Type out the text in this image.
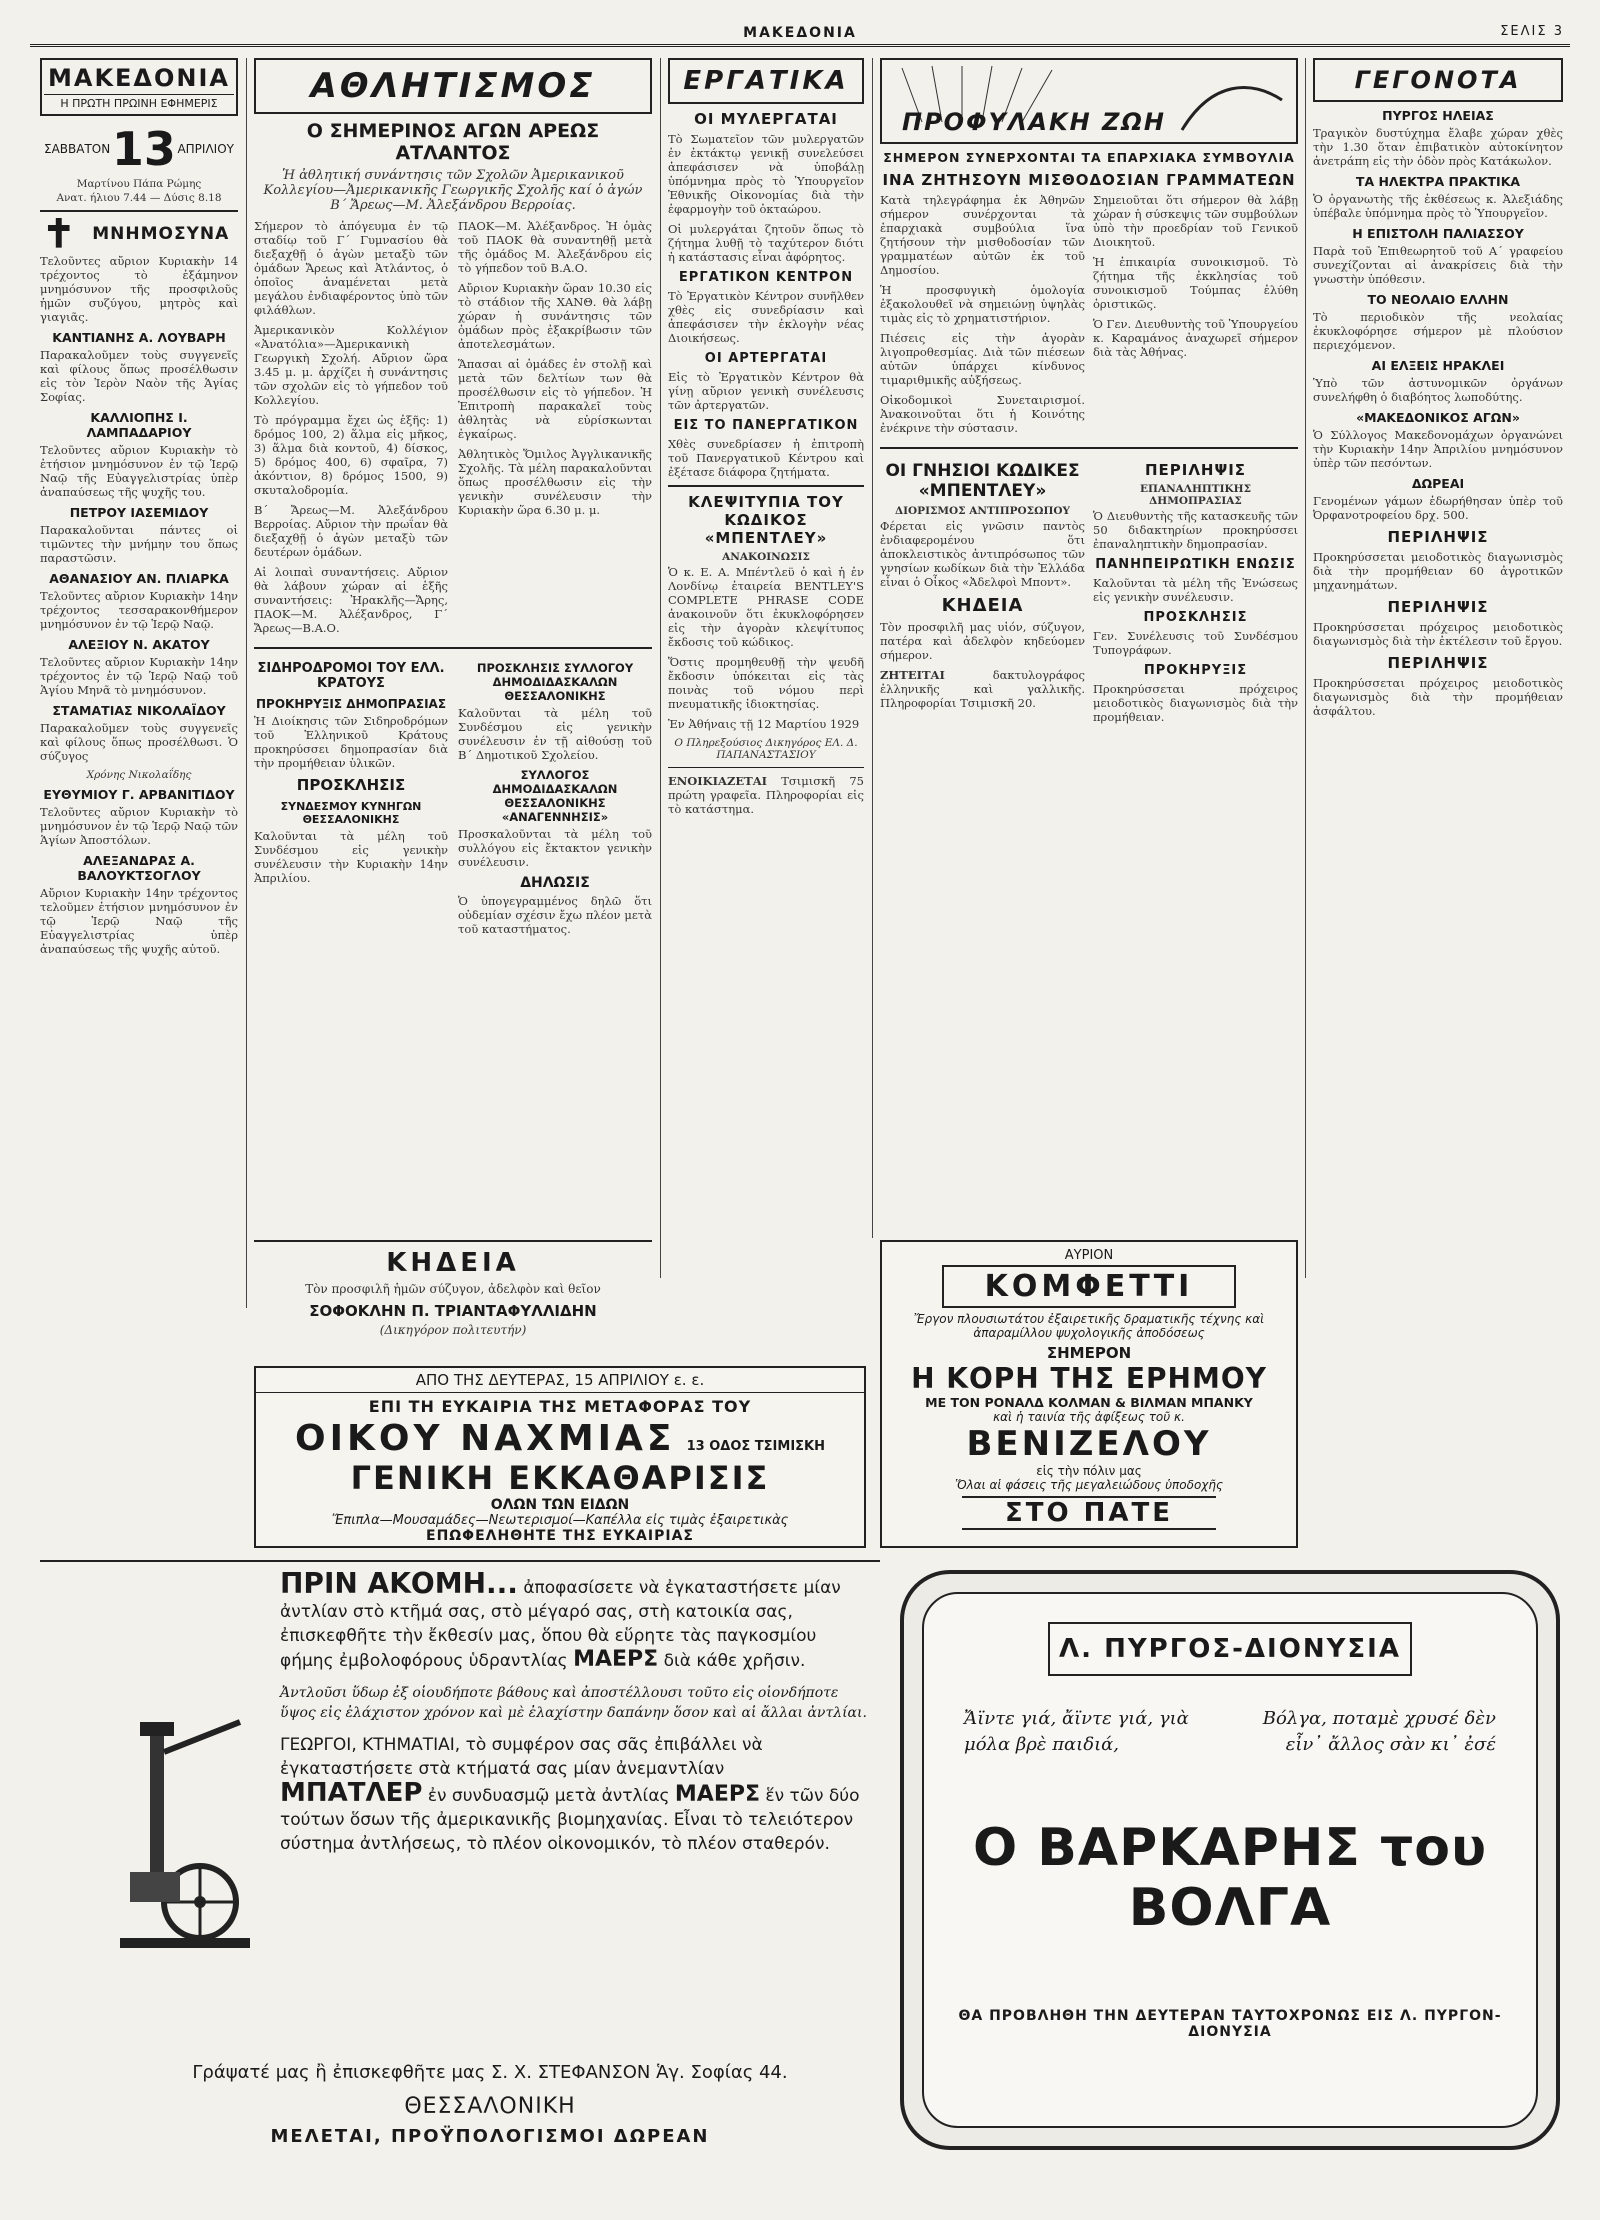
ΜΑΚΕΔΟΝΙΑ	ΣΕΛΙΣ 3
ΜΑΚΕΔΟΝΙΑ
Η ΠΡΩΤΗ ΠΡΩΙΝΗ ΕΦΗΜΕΡΙΣ
ΣΑΒΒΑΤΟΝ 13 ΑΠΡΙΛΙΟΥ
Μαρτίνου Πάπα Ρώμης
Ανατ. ήλιου 7.44 — Δύσις 8.18
✝ ΜΝΗΜΟΣΥΝΑ

Τελοῦντες αὔριον Κυριακὴν 14 τρέχοντος τὸ ἐξάμηνον μνημόσυνον τῆς προσφιλοῦς ἡμῶν συζύγου, μητρὸς καὶ γιαγιᾶς.

ΚΑΝΤΙΑΝΗΣ Α. ΛΟΥΒΑΡΗ

Παρακαλοῦμεν τοὺς συγγενεῖς καὶ φίλους ὅπως προσέλθωσιν εἰς τὸν Ἱερὸν Ναὸν τῆς Ἁγίας Σοφίας.

ΚΑΛΛΙΟΠΗΣ Ι. ΛΑΜΠΑΔΑΡΙΟΥ

Τελοῦντες αὔριον Κυριακὴν τὸ ἐτήσιον μνημόσυνον ἐν τῷ Ἱερῷ Ναῷ τῆς Εὐαγγελιστρίας ὑπὲρ ἀναπαύσεως τῆς ψυχῆς του.

ΠΕΤΡΟΥ ΙΑΣΕΜΙΔΟΥ

Παρακαλοῦνται πάντες οἱ τιμῶντες τὴν μνήμην του ὅπως παραστῶσιν.

ΑΘΑΝΑΣΙΟΥ ΑΝ. ΠΛΙΑΡΚΑ

Τελοῦντες αὔριον Κυριακὴν 14ην τρέχοντος τεσσαρακονθήμερον μνημόσυνον ἐν τῷ Ἱερῷ Ναῷ.

ΑΛΕΞΙΟΥ Ν. ΑΚΑΤΟΥ

Τελοῦντες αὔριον Κυριακὴν 14ην τρέχοντος ἐν τῷ Ἱερῷ Ναῷ τοῦ Ἁγίου Μηνᾶ τὸ μνημόσυνον.

ΣΤΑΜΑΤΙΑΣ ΝΙΚΟΛΑΪΔΟΥ

Παρακαλοῦμεν τοὺς συγγενεῖς καὶ φίλους ὅπως προσέλθωσι. Ὁ σύζυγος

Χρόνης Νικολαΐδης
ΕΥΘΥΜΙΟΥ Γ. ΑΡΒΑΝΙΤΙΔΟΥ

Τελοῦντες αὔριον Κυριακὴν τὸ μνημόσυνον ἐν τῷ Ἱερῷ Ναῷ τῶν Ἁγίων Ἀποστόλων.

ΑΛΕΞΑΝΔΡΑΣ Α. ΒΑΛΟΥΚΤΣΟΓΛΟΥ

Αὔριον Κυριακὴν 14ην τρέχοντος τελοῦμεν ἐτήσιον μνημόσυνον ἐν τῷ Ἱερῷ Ναῷ τῆς Εὐαγγελιστρίας ὑπὲρ ἀναπαύσεως τῆς ψυχῆς αὐτοῦ.

ΑΘΛΗΤΙΣΜΟΣ
Ο ΣΗΜΕΡΙΝΟΣ ΑΓΩΝ ΑΡΕΩΣ ΑΤΛΑΝΤΟΣ
Ἡ ἀθλητική συνάντησις τῶν Σχολῶν Ἀμερικανικοῦ Κολλεγίου—Ἀμερικανικῆς Γεωργικῆς Σχολῆς καί ὁ ἀγών Β΄ Ἄρεως—Μ. Ἀλεξάνδρου Βερροίας.

Σήμερον τὸ ἀπόγευμα ἐν τῷ σταδίῳ τοῦ Γ΄ Γυμνασίου θὰ διεξαχθῇ ὁ ἀγὼν μεταξὺ τῶν ὁμάδων Ἄρεως καὶ Ἀτλάντος, ὁ ὁποῖος ἀναμένεται μετὰ μεγάλου ἐνδιαφέροντος ὑπὸ τῶν φιλάθλων.

Ἀμερικανικὸν Κολλέγιον «Ἀνατόλια»—Ἀμερικανικὴ Γεωργικὴ Σχολή. Αὔριον ὥρα 3.45 μ. μ. ἀρχίζει ἡ συνάντησις τῶν σχολῶν εἰς τὸ γήπεδον τοῦ Κολλεγίου.

Τὸ πρόγραμμα ἔχει ὡς ἑξῆς: 1) δρόμος 100, 2) ἅλμα εἰς μῆκος, 3) ἅλμα διὰ κοντοῦ, 4) δίσκος, 5) δρόμος 400, 6) σφαῖρα, 7) ἀκόντιον, 8) δρόμος 1500, 9) σκυταλοδρομία.

Β΄ Ἄρεως—Μ. Ἀλεξάνδρου Βερροίας. Αὔριον τὴν πρωΐαν θὰ διεξαχθῇ ὁ ἀγὼν μεταξὺ τῶν δευτέρων ὁμάδων.

Αἱ λοιπαὶ συναντήσεις. Αὔριον θὰ λάβουν χώραν αἱ ἑξῆς συναντήσεις: Ἠρακλῆς—Ἄρης, ΠΑΟΚ—Μ. Ἀλέξανδρος, Γ΄ Ἄρεως—Β.Α.Ο.

ΠΑΟΚ—Μ. Ἀλέξανδρος. Ἡ ὁμὰς τοῦ ΠΑΟΚ θὰ συναντηθῇ μετὰ τῆς ὁμάδος Μ. Ἀλεξάνδρου εἰς τὸ γήπεδον τοῦ Β.Α.Ο.

Αὔριον Κυριακὴν ὥραν 10.30 εἰς τὸ στάδιον τῆς ΧΑΝΘ. θὰ λάβῃ χώραν ἡ συνάντησις τῶν ὁμάδων πρὸς ἐξακρίβωσιν τῶν ἀποτελεσμάτων.

Ἅπασαι αἱ ὁμάδες ἐν στολῇ καὶ μετὰ τῶν δελτίων των θὰ προσέλθωσιν εἰς τὸ γήπεδον. Ἡ Ἐπιτροπὴ παρακαλεῖ τοὺς ἀθλητὰς νὰ εὑρίσκωνται ἐγκαίρως.

Ἀθλητικὸς Ὅμιλος Ἀγγλικανικῆς Σχολῆς. Τὰ μέλη παρακαλοῦνται ὅπως προσέλθωσιν εἰς τὴν γενικὴν συνέλευσιν τὴν Κυριακὴν ὥρα 6.30 μ. μ.

ΣΙΔΗΡΟΔΡΟΜΟΙ ΤΟΥ ΕΛΛ. ΚΡΑΤΟΥΣ
ΠΡΟΚΗΡΥΞΙΣ ΔΗΜΟΠΡΑΣΙΑΣ

Ἡ Διοίκησις τῶν Σιδηροδρόμων τοῦ Ἑλληνικοῦ Κράτους προκηρύσσει δημοπρασίαν διὰ τὴν προμήθειαν ὑλικῶν.

ΠΡΟΣΚΛΗΣΙΣ
ΣΥΝΔΕΣΜΟΥ ΚΥΝΗΓΩΝ ΘΕΣΣΑΛΟΝΙΚΗΣ

Καλοῦνται τὰ μέλη τοῦ Συνδέσμου εἰς γενικὴν συνέλευσιν τὴν Κυριακὴν 14ην Ἀπριλίου.

ΠΡΟΣΚΛΗΣΙΣ ΣΥΛΛΟΓΟΥ ΔΗΜΟΔΙΔΑΣΚΑΛΩΝ ΘΕΣΣΑΛΟΝΙΚΗΣ

Καλοῦνται τὰ μέλη τοῦ Συνδέσμου εἰς γενικὴν συνέλευσιν ἐν τῇ αἰθούσῃ τοῦ Β΄ Δημοτικοῦ Σχολείου.

ΣΥΛΛΟΓΟΣ ΔΗΜΟΔΙΔΑΣΚΑΛΩΝ ΘΕΣΣΑΛΟΝΙΚΗΣ «ΑΝΑΓΕΝΝΗΣΙΣ»

Προσκαλοῦνται τὰ μέλη τοῦ συλλόγου εἰς ἔκτακτον γενικὴν συνέλευσιν.

ΔΗΛΩΣΙΣ

Ὁ ὑπογεγραμμένος δηλῶ ὅτι οὐδεμίαν σχέσιν ἔχω πλέον μετὰ τοῦ καταστήματος.

ΕΡΓΑΤΙΚΑ
ΟΙ ΜΥΛΕΡΓΑΤΑΙ

Τὸ Σωματεῖον τῶν μυλεργατῶν ἐν ἐκτάκτῳ γενικῇ συνελεύσει ἀπεφάσισεν νὰ ὑποβάλῃ ὑπόμνημα πρὸς τὸ Ὑπουργεῖον Ἐθνικῆς Οἰκονομίας διὰ τὴν ἐφαρμογὴν τοῦ ὀκταώρου.

Οἱ μυλεργάται ζητοῦν ὅπως τὸ ζήτημα λυθῇ τὸ ταχύτερον διότι ἡ κατάστασις εἶναι ἀφόρητος.

ΕΡΓΑΤΙΚΟΝ ΚΕΝΤΡΟΝ

Τὸ Ἐργατικὸν Κέντρον συνῆλθεν χθὲς εἰς συνεδρίασιν καὶ ἀπεφάσισεν τὴν ἐκλογὴν νέας Διοικήσεως.

ΟΙ ΑΡΤΕΡΓΑΤΑΙ

Εἰς τὸ Ἐργατικὸν Κέντρον θὰ γίνῃ αὔριον γενικὴ συνέλευσις τῶν ἀρτεργατῶν.

ΕΙΣ ΤΟ ΠΑΝΕΡΓΑΤΙΚΟΝ

Χθὲς συνεδρίασεν ἡ ἐπιτροπὴ τοῦ Πανεργατικοῦ Κέντρου καὶ ἐξέτασε διάφορα ζητήματα.

ΚΛΕΨΙΤΥΠΙΑ ΤΟΥ ΚΩΔΙΚΟΣ «ΜΠΕΝΤΛΕΥ»
ΑΝΑΚΟΙΝΩΣΙΣ

Ὁ κ. Ε. Α. Μπέντλεϋ ὁ καὶ ἡ ἐν Λονδίνῳ ἑταιρεία BENTLEY'S COMPLETE PHRASE CODE ἀνακοινοῦν ὅτι ἐκυκλοφόρησεν εἰς τὴν ἀγορὰν κλεψίτυπος ἔκδοσις τοῦ κώδικος.

Ὅστις προμηθευθῇ τὴν ψευδῆ ἔκδοσιν ὑπόκειται εἰς τὰς ποινὰς τοῦ νόμου περὶ πνευματικῆς ἰδιοκτησίας.

Ἐν Ἀθήναις τῇ 12 Μαρτίου 1929

Ο Πληρεξούσιος Δικηγόρος ΕΛ. Δ. ΠΑΠΑΝΑΣΤΑΣΙΟΥ

ΕΝΟΙΚΙΑΖΕΤΑΙ Τσιμισκῆ 75 πρώτη γραφεῖα. Πληροφορίαι εἰς τὸ κατάστημα.

ΠΡΟΦΥΛΑΚΗ ΖΩΗ
ΣΗΜΕΡΟΝ ΣΥΝΕΡΧΟΝΤΑΙ ΤΑ ΕΠΑΡΧΙΑΚΑ ΣΥΜΒΟΥΛΙΑ
ΙΝΑ ΖΗΤΗΣΟΥΝ ΜΙΣΘΟΔΟΣΙΑΝ ΓΡΑΜΜΑΤΕΩΝ

Κατὰ τηλεγράφημα ἐκ Ἀθηνῶν σήμερον συνέρχονται τὰ ἐπαρχιακὰ συμβούλια ἵνα ζητήσουν τὴν μισθοδοσίαν τῶν γραμματέων αὐτῶν ἐκ τοῦ Δημοσίου.

Ἡ προσφυγικὴ ὁμολογία ἐξακολουθεῖ νὰ σημειώνῃ ὑψηλὰς τιμὰς εἰς τὸ χρηματιστήριον.

Πιέσεις εἰς τὴν ἀγορὰν λιγοπροθεσμίας. Διὰ τῶν πιέσεων αὐτῶν ὑπάρχει κίνδυνος τιμαριθμικῆς αὐξήσεως.

Οἰκοδομικοὶ Συνεταιρισμοί. Ἀνακοινοῦται ὅτι ἡ Κοινότης ἐνέκρινε τὴν σύστασιν.

Σημειοῦται ὅτι σήμερον θὰ λάβῃ χώραν ἡ σύσκεψις τῶν συμβούλων ὑπὸ τὴν προεδρίαν τοῦ Γενικοῦ Διοικητοῦ.

Ἡ ἐπικαιρία συνοικισμοῦ. Τὸ ζήτημα τῆς ἐκκλησίας τοῦ συνοικισμοῦ Τούμπας ἐλύθη ὁριστικῶς.

Ὁ Γεν. Διευθυντὴς τοῦ Ὑπουργείου κ. Καραμάνος ἀναχωρεῖ σήμερον διὰ τὰς Ἀθήνας.

ΟΙ ΓΝΗΣΙΟΙ ΚΩΔΙΚΕΣ «ΜΠΕΝΤΛΕΥ»
ΔΙΟΡΙΣΜΟΣ ΑΝΤΙΠΡΟΣΩΠΟΥ

Φέρεται εἰς γνῶσιν παντὸς ἐνδιαφερομένου ὅτι ἀποκλειστικὸς ἀντιπρόσωπος τῶν γνησίων κωδίκων διὰ τὴν Ἑλλάδα εἶναι ὁ Οἶκος «Ἀδελφοὶ Μποντ».

ΚΗΔΕΙΑ

Τὸν προσφιλῆ μας υἱόν, σύζυγον, πατέρα καὶ ἀδελφὸν κηδεύομεν σήμερον.

ΖΗΤΕΙΤΑΙ δακτυλογράφος ἐλληνικῆς καὶ γαλλικῆς. Πληροφορίαι Τσιμισκῆ 20.

ΠΕΡΙΛΗΨΙΣ
ΕΠΑΝΑΛΗΠΤΙΚΗΣ ΔΗΜΟΠΡΑΣΙΑΣ

Ὁ Διευθυντὴς τῆς κατασκευῆς τῶν 50 διδακτηρίων προκηρύσσει ἐπαναληπτικὴν δημοπρασίαν.

ΠΑΝΗΠΕΙΡΩΤΙΚΗ ΕΝΩΣΙΣ

Καλοῦνται τὰ μέλη τῆς Ἑνώσεως εἰς γενικὴν συνέλευσιν.

ΠΡΟΣΚΛΗΣΙΣ

Γεν. Συνέλευσις τοῦ Συνδέσμου Τυπογράφων.

ΠΡΟΚΗΡΥΞΙΣ

Προκηρύσσεται πρόχειρος μειοδοτικὸς διαγωνισμὸς διὰ τὴν προμήθειαν.

ΓΕΓΟΝΟΤΑ
ΠΥΡΓΟΣ ΗΛΕΙΑΣ

Τραγικὸν δυστύχημα ἔλαβε χώραν χθὲς τὴν 1.30 ὅταν ἐπιβατικὸν αὐτοκίνητον ἀνετράπη εἰς τὴν ὁδὸν πρὸς Κατάκωλον.

ΤΑ ΗΛΕΚΤΡΑ ΠΡΑΚΤΙΚΑ

Ὁ ὁργανωτὴς τῆς ἐκθέσεως κ. Ἀλεξιάδης ὑπέβαλε ὑπόμνημα πρὸς τὸ Ὑπουργεῖον.

Η ΕΠΙΣΤΟΛΗ ΠΑΛΙΑΣΣΟΥ

Παρὰ τοῦ Ἐπιθεωρητοῦ τοῦ Α΄ γραφείου συνεχίζονται αἱ ἀνακρίσεις διὰ τὴν γνωστὴν ὑπόθεσιν.

ΤΟ ΝΕΟΛΑΙΟ ΕΛΛΗΝ

Τὸ περιοδικὸν τῆς νεολαίας ἐκυκλοφόρησε σήμερον μὲ πλούσιον περιεχόμενον.

ΑΙ ΕΛΞΕΙΣ ΗΡΑΚΛΕΙ

Ὑπὸ τῶν ἀστυνομικῶν ὀργάνων συνελήφθη ὁ διαβόητος λωποδύτης.

«ΜΑΚΕΔΟΝΙΚΟΣ ΑΓΩΝ»

Ὁ Σύλλογος Μακεδονομάχων ὀργανώνει τὴν Κυριακὴν 14ην Ἀπριλίου μνημόσυνον ὑπὲρ τῶν πεσόντων.

ΔΩΡΕΑΙ

Γενομένων γάμων ἐδωρήθησαν ὑπὲρ τοῦ Ὀρφανοτροφείου δρχ. 500.

ΠΕΡΙΛΗΨΙΣ

Προκηρύσσεται μειοδοτικὸς διαγωνισμὸς διὰ τὴν προμήθειαν 60 ἀγροτικῶν μηχανημάτων.

ΠΕΡΙΛΗΨΙΣ

Προκηρύσσεται πρόχειρος μειοδοτικὸς διαγωνισμὸς διὰ τὴν ἐκτέλεσιν τοῦ ἔργου.

ΠΕΡΙΛΗΨΙΣ

Προκηρύσσεται πρόχειρος μειοδοτικὸς διαγωνισμὸς διὰ τὴν προμήθειαν ἀσφάλτου.

ΚΗΔΕΙΑ
Τὸν προσφιλῆ ἡμῶν σύζυγον, ἀδελφὸν καὶ θεῖον
ΣΟΦΟΚΛΗΝ Π. ΤΡΙΑΝΤΑΦΥΛΛΙΔΗΝ
(Δικηγόρον πολιτευτήν)
ΑΠΟ ΤΗΣ ΔΕΥΤΕΡΑΣ, 15 ΑΠΡΙΛΙΟΥ ε. ε.
ΕΠΙ ΤΗ ΕΥΚΑΙΡΙΑ ΤΗΣ ΜΕΤΑΦΟΡΑΣ ΤΟΥ
ΟΙΚΟΥ ΝΑΧΜΙΑΣ 13 ΟΔΟΣ ΤΣΙΜΙΣΚΗ
ΓΕΝΙΚΗ ΕΚΚΑΘΑΡΙΣΙΣ
ΟΛΩΝ ΤΩΝ ΕΙΔΩΝ
Ἔπιπλα—Μουσαμάδες—Νεωτερισμοί—Καπέλλα εἰς τιμὰς ἐξαιρετικὰς
ΕΠΩΦΕΛΗΘΗΤΕ ΤΗΣ ΕΥΚΑΙΡΙΑΣ
ΑΥΡΙΟΝ
ΚΟΜΦΕΤΤΙ
Ἔργον πλουσιωτάτου ἐξαιρετικῆς δραματικῆς τέχνης καὶ ἀπαραμίλλου ψυχολογικῆς ἀποδόσεως
ΣΗΜΕΡΟΝ
Η ΚΟΡΗ ΤΗΣ ΕΡΗΜΟΥ
ΜΕ ΤΟΝ ΡΟΝΑΛΔ ΚΟΛΜΑΝ & ΒΙΛΜΑΝ ΜΠΑΝΚΥ
καὶ ἡ ταινία τῆς ἀφίξεως τοῦ κ.
ΒΕΝΙΖΕΛΟΥ
εἰς τὴν πόλιν μας
Ὅλαι αἱ φάσεις τῆς μεγαλειώδους ὑποδοχῆς
ΣΤΟ ΠΑΤΕ
ΠΡΙΝ ΑΚΟΜΗ... ἀποφασίσετε νὰ ἐγκαταστήσετε μίαν ἀντλίαν στὸ κτῆμά σας, στὸ μέγαρό σας, στὴ κατοικία σας, ἐπισκεφθῆτε τὴν ἔκθεσίν μας, ὅπου θὰ εὕρητε τὰς παγκοσμίου φήμης ἐμβολοφόρους ὑδραντλίας ΜΑΕΡΣ διὰ κάθε χρῆσιν.
Ἀντλοῦσι ὕδωρ ἐξ οἱουδήποτε βάθους καὶ ἀποστέλλουσι τοῦτο εἰς οἱονδήποτε ὕψος εἰς ἐλάχιστον χρόνον καὶ μὲ ἐλαχίστην δαπάνην ὅσον καὶ αἱ ἄλλαι ἀντλίαι.
ΓΕΩΡΓΟΙ, ΚΤΗΜΑΤΙΑΙ, τὸ συμφέρον σας σᾶς ἐπιβάλλει νὰ ἐγκαταστήσετε στὰ κτήματά σας μίαν ἀνεμαντλίαν ΜΠΑΤΛΕΡ ἐν συνδυασμῷ μετὰ ἀντλίας ΜΑΕΡΣ ἕν τῶν δύο τούτων ὅσων τῆς ἀμερικανικῆς βιομηχανίας. Εἶναι τὸ τελειότερον σύστημα ἀντλήσεως, τὸ πλέον οἰκονομικόν, τὸ πλέον σταθερόν.
Γράψατέ μας ἢ ἐπισκεφθῆτε μας Σ. Χ. ΣΤΕΦΑΝΣΟΝ Ἁγ. Σοφίας 44.
ΘΕΣΣΑΛΟΝΙΚΗ
ΜΕΛΕΤΑΙ, ΠΡΟΫΠΟΛΟΓΙΣΜΟΙ ΔΩΡΕΑΝ
Λ. ΠΥΡΓΟΣ-ΔΙΟΝΥΣΙΑ
Ἄϊντε γιά, ἄϊντε γιά, γιὰ μόλα βρὲ παιδιά,
Βόλγα, ποταμὲ χρυσέ δὲν εἶν᾽ ἄλλος σὰν κι᾽ ἐσέ
Ο ΒΑΡΚΑΡΗΣ του ΒΟΛΓΑ
ΘΑ ΠΡΟΒΛΗΘΗ ΤΗΝ ΔΕΥΤΕΡΑΝ ΤΑΥΤΟΧΡΟΝΩΣ ΕΙΣ Λ. ΠΥΡΓΟΝ-ΔΙΟΝΥΣΙΑ
